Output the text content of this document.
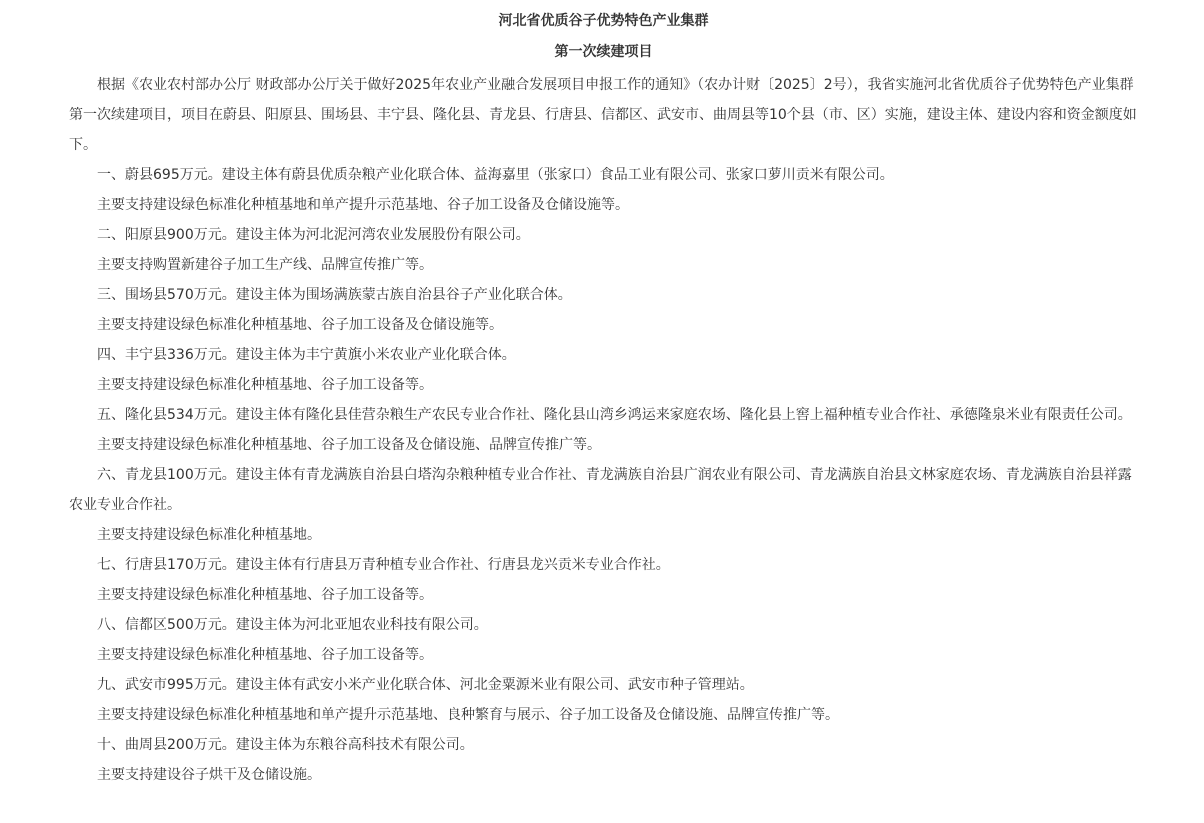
河北省优质谷子优势特色产业集群
第一次续建项目

根据《农业农村部办公厅 财政部办公厅关于做好2025年农业产业融合发展项目申报工作的通知》（农办计财〔2025〕2号），我省实施河北省优质谷子优势特色产业集群第一次续建项目，项目在蔚县、阳原县、围场县、丰宁县、隆化县、青龙县、行唐县、信都区、武安市、曲周县等10个县（市、区）实施，建设主体、建设内容和资金额度如下。

一、蔚县695万元。建设主体有蔚县优质杂粮产业化联合体、益海嘉里（张家口）食品工业有限公司、张家口萝川贡米有限公司。

主要支持建设绿色标准化种植基地和单产提升示范基地、谷子加工设备及仓储设施等。

二、阳原县900万元。建设主体为河北泥河湾农业发展股份有限公司。

主要支持购置新建谷子加工生产线、品牌宣传推广等。

三、围场县570万元。建设主体为围场满族蒙古族自治县谷子产业化联合体。

主要支持建设绿色标准化种植基地、谷子加工设备及仓储设施等。

四、丰宁县336万元。建设主体为丰宁黄旗小米农业产业化联合体。

主要支持建设绿色标准化种植基地、谷子加工设备等。

五、隆化县534万元。建设主体有隆化县佳营杂粮生产农民专业合作社、隆化县山湾乡鸿运来家庭农场、隆化县上窖上福种植专业合作社、承德隆泉米业有限责任公司。

主要支持建设绿色标准化种植基地、谷子加工设备及仓储设施、品牌宣传推广等。

六、青龙县100万元。建设主体有青龙满族自治县白塔沟杂粮种植专业合作社、青龙满族自治县广润农业有限公司、青龙满族自治县文林家庭农场、青龙满族自治县祥露农业专业合作社。

主要支持建设绿色标准化种植基地。

七、行唐县170万元。建设主体有行唐县万青种植专业合作社、行唐县龙兴贡米专业合作社。

主要支持建设绿色标准化种植基地、谷子加工设备等。

八、信都区500万元。建设主体为河北亚旭农业科技有限公司。

主要支持建设绿色标准化种植基地、谷子加工设备等。

九、武安市995万元。建设主体有武安小米产业化联合体、河北金粟源米业有限公司、武安市种子管理站。

主要支持建设绿色标准化种植基地和单产提升示范基地、良种繁育与展示、谷子加工设备及仓储设施、品牌宣传推广等。

十、曲周县200万元。建设主体为东粮谷高科技术有限公司。

主要支持建设谷子烘干及仓储设施。
